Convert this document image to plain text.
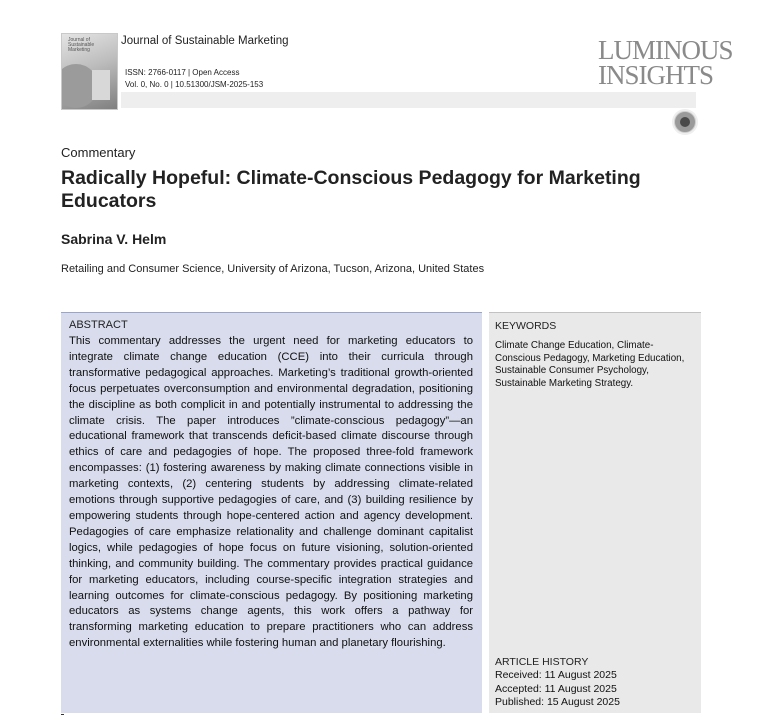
Journal of Sustainable Marketing
Journal of Sustainable Marketing
ISSN: 2766-0117 | Open Access
Vol. 0, No. 0 | 10.51300/JSM-2025-153
LUMINOUS
INSIGHTS
Commentary
Radically Hopeful: Climate-Conscious Pedagogy for Marketing Educators
Sabrina V. Helm
Retailing and Consumer Science, University of Arizona, Tucson, Arizona, United States
ABSTRACT
This commentary addresses the urgent need for marketing educators to integrate climate change education (CCE) into their curricula through transformative pedagogical approaches. Marketing’s traditional growth-oriented focus perpetuates overconsumption and environmental degradation, positioning the discipline as both complicit in and potentially instrumental to addressing the climate crisis. The paper introduces ”climate-conscious pedagogy”—an educational framework that transcends deficit-based climate discourse through ethics of care and pedagogies of hope. The proposed three-fold framework encompasses: (1) fostering awareness by making climate connections visible in marketing contexts, (2) centering students by addressing climate-related emotions through supportive pedagogies of care, and (3) building resilience by empowering students through hope-centered action and agency development. Pedagogies of care emphasize relationality and challenge dominant capitalist logics, while pedagogies of hope focus on future visioning, solution-oriented thinking, and community building. The commentary provides practical guidance for marketing educators, including course-specific integration strategies and learning outcomes for climate-conscious pedagogy. By positioning marketing educators as systems change agents, this work offers a pathway for transforming marketing education to prepare practitioners who can address environmental externalities while fostering human and planetary flourishing.
KEYWORDS
Climate Change Education, Climate-Conscious Pedagogy, Marketing Education, Sustainable Consumer Psychology, Sustainable Marketing Strategy.
ARTICLE HISTORY
Received: 11 August 2025
Accepted: 11 August 2025
Published: 15 August 2025
